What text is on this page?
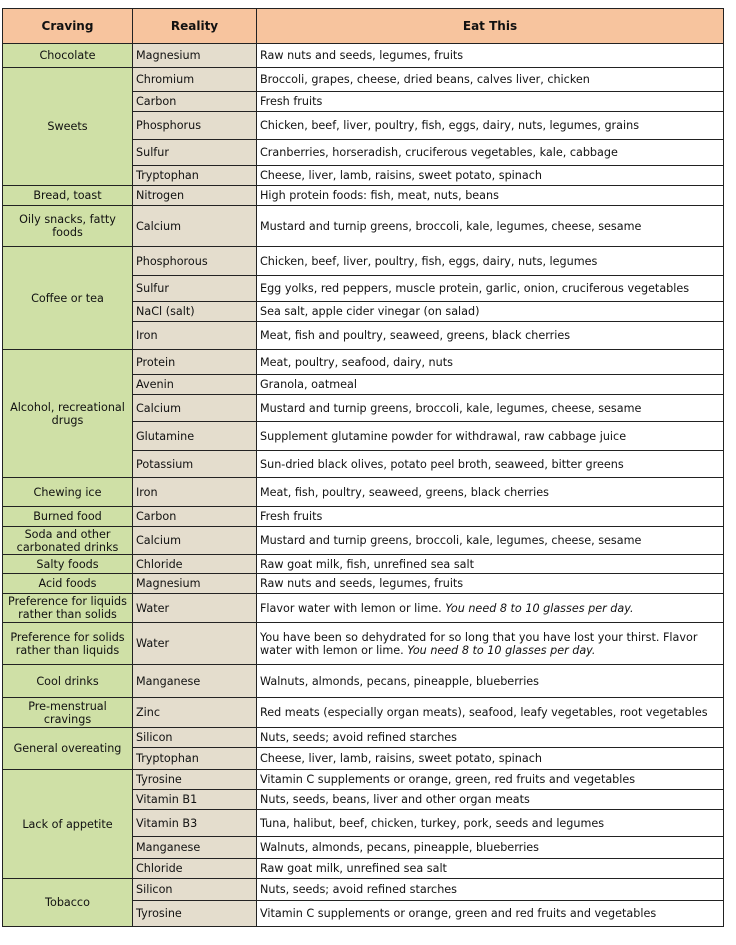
Craving	Reality	Eat This
Chocolate	Magnesium	Raw nuts and seeds, legumes, fruits
Sweets	Chromium	Broccoli, grapes, cheese, dried beans, calves liver, chicken
	Carbon	Fresh fruits
	Phosphorus	Chicken, beef, liver, poultry, fish, eggs, dairy, nuts, legumes, grains
	Sulfur	Cranberries, horseradish, cruciferous vegetables, kale, cabbage
	Tryptophan	Cheese, liver, lamb, raisins, sweet potato, spinach
Bread, toast	Nitrogen	High protein foods: fish, meat, nuts, beans
Oily snacks, fatty foods	Calcium	Mustard and turnip greens, broccoli, kale, legumes, cheese, sesame
Coffee or tea	Phosphorous	Chicken, beef, liver, poultry, fish, eggs, dairy, nuts, legumes
	Sulfur	Egg yolks, red peppers, muscle protein, garlic, onion, cruciferous vegetables
	NaCl (salt)	Sea salt, apple cider vinegar (on salad)
	Iron	Meat, fish and poultry, seaweed, greens, black cherries
Alcohol, recreational drugs	Protein	Meat, poultry, seafood, dairy, nuts
	Avenin	Granola, oatmeal
	Calcium	Mustard and turnip greens, broccoli, kale, legumes, cheese, sesame
	Glutamine	Supplement glutamine powder for withdrawal, raw cabbage juice
	Potassium	Sun-dried black olives, potato peel broth, seaweed, bitter greens
Chewing ice	Iron	Meat, fish, poultry, seaweed, greens, black cherries
Burned food	Carbon	Fresh fruits
Soda and other carbonated drinks	Calcium	Mustard and turnip greens, broccoli, kale, legumes, cheese, sesame
Salty foods	Chloride	Raw goat milk, fish, unrefined sea salt
Acid foods	Magnesium	Raw nuts and seeds, legumes, fruits
Preference for liquids rather than solids	Water	Flavor water with lemon or lime. You need 8 to 10 glasses per day.
Preference for solids rather than liquids	Water	You have been so dehydrated for so long that you have lost your thirst. Flavor water with lemon or lime. You need 8 to 10 glasses per day.
Cool drinks	Manganese	Walnuts, almonds, pecans, pineapple, blueberries
Pre-menstrual cravings	Zinc	Red meats (especially organ meats), seafood, leafy vegetables, root vegetables
General overeating	Silicon	Nuts, seeds; avoid refined starches
	Tryptophan	Cheese, liver, lamb, raisins, sweet potato, spinach
Lack of appetite	Tyrosine	Vitamin C supplements or orange, green, red fruits and vegetables
	Vitamin B1	Nuts, seeds, beans, liver and other organ meats
	Vitamin B3	Tuna, halibut, beef, chicken, turkey, pork, seeds and legumes
	Manganese	Walnuts, almonds, pecans, pineapple, blueberries
	Chloride	Raw goat milk, unrefined sea salt
Tobacco	Silicon	Nuts, seeds; avoid refined starches
	Tyrosine	Vitamin C supplements or orange, green and red fruits and vegetables
